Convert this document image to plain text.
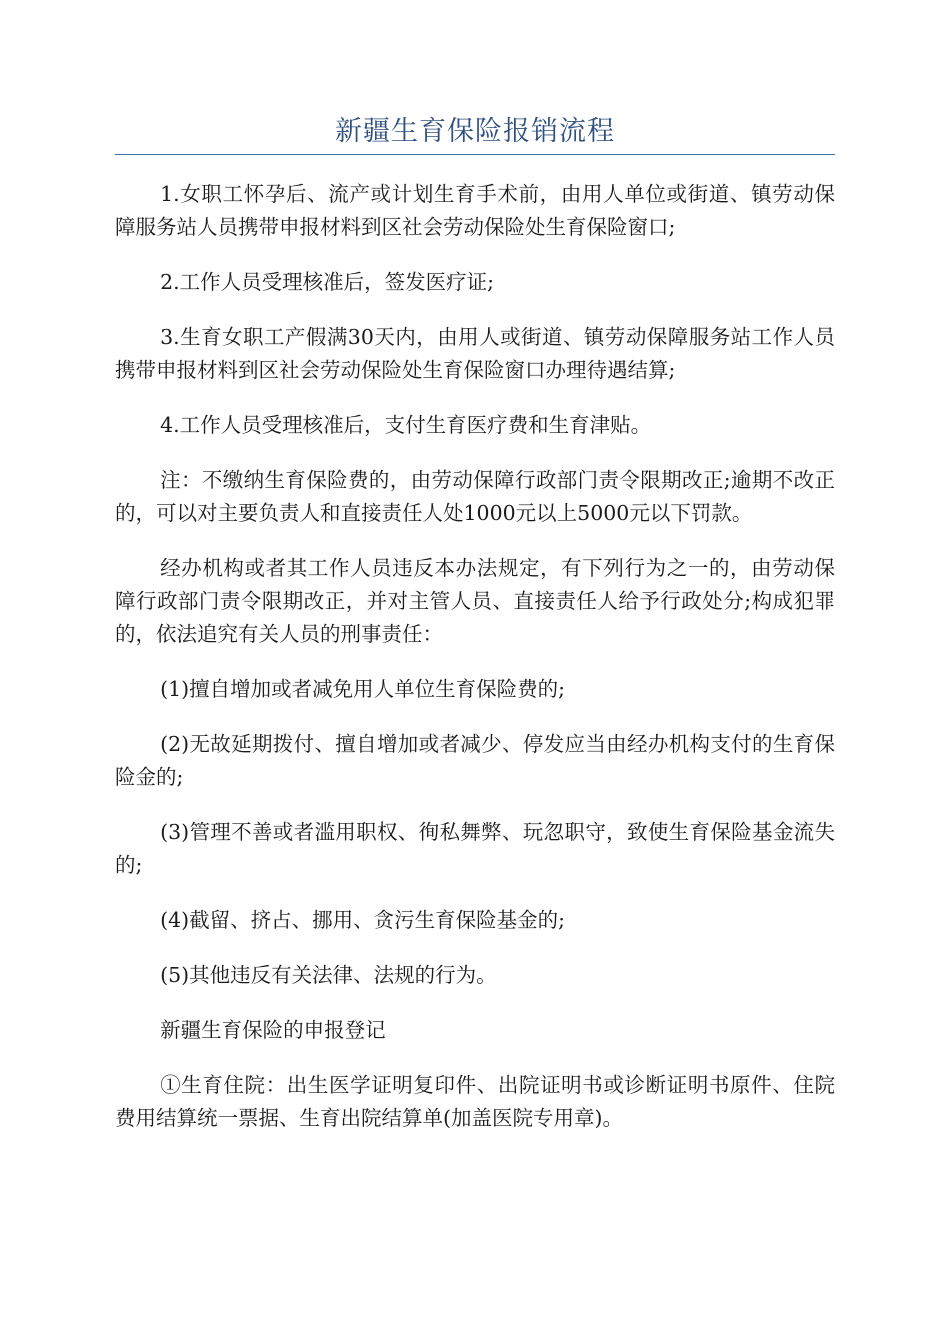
新疆生育保险报销流程

1.女职工怀孕后、流产或计划生育手术前，由用人单位或街道、镇劳动保障服务站人员携带申报材料到区社会劳动保险处生育保险窗口;

2.工作人员受理核准后，签发医疗证;

3.生育女职工产假满30天内，由用人或街道、镇劳动保障服务站工作人员携带申报材料到区社会劳动保险处生育保险窗口办理待遇结算;

4.工作人员受理核准后，支付生育医疗费和生育津贴。

注：不缴纳生育保险费的，由劳动保障行政部门责令限期改正;逾期不改正的，可以对主要负责人和直接责任人处1000元以上5000元以下罚款。

经办机构或者其工作人员违反本办法规定，有下列行为之一的，由劳动保障行政部门责令限期改正，并对主管人员、直接责任人给予行政处分;构成犯罪的，依法追究有关人员的刑事责任：

(1)擅自增加或者减免用人单位生育保险费的;

(2)无故延期拨付、擅自增加或者减少、停发应当由经办机构支付的生育保险金的;

(3)管理不善或者滥用职权、徇私舞弊、玩忽职守，致使生育保险基金流失的;

(4)截留、挤占、挪用、贪污生育保险基金的;

(5)其他违反有关法律、法规的行为。

新疆生育保险的申报登记

①生育住院：出生医学证明复印件、出院证明书或诊断证明书原件、住院费用结算统一票据、生育出院结算单(加盖医院专用章)。
